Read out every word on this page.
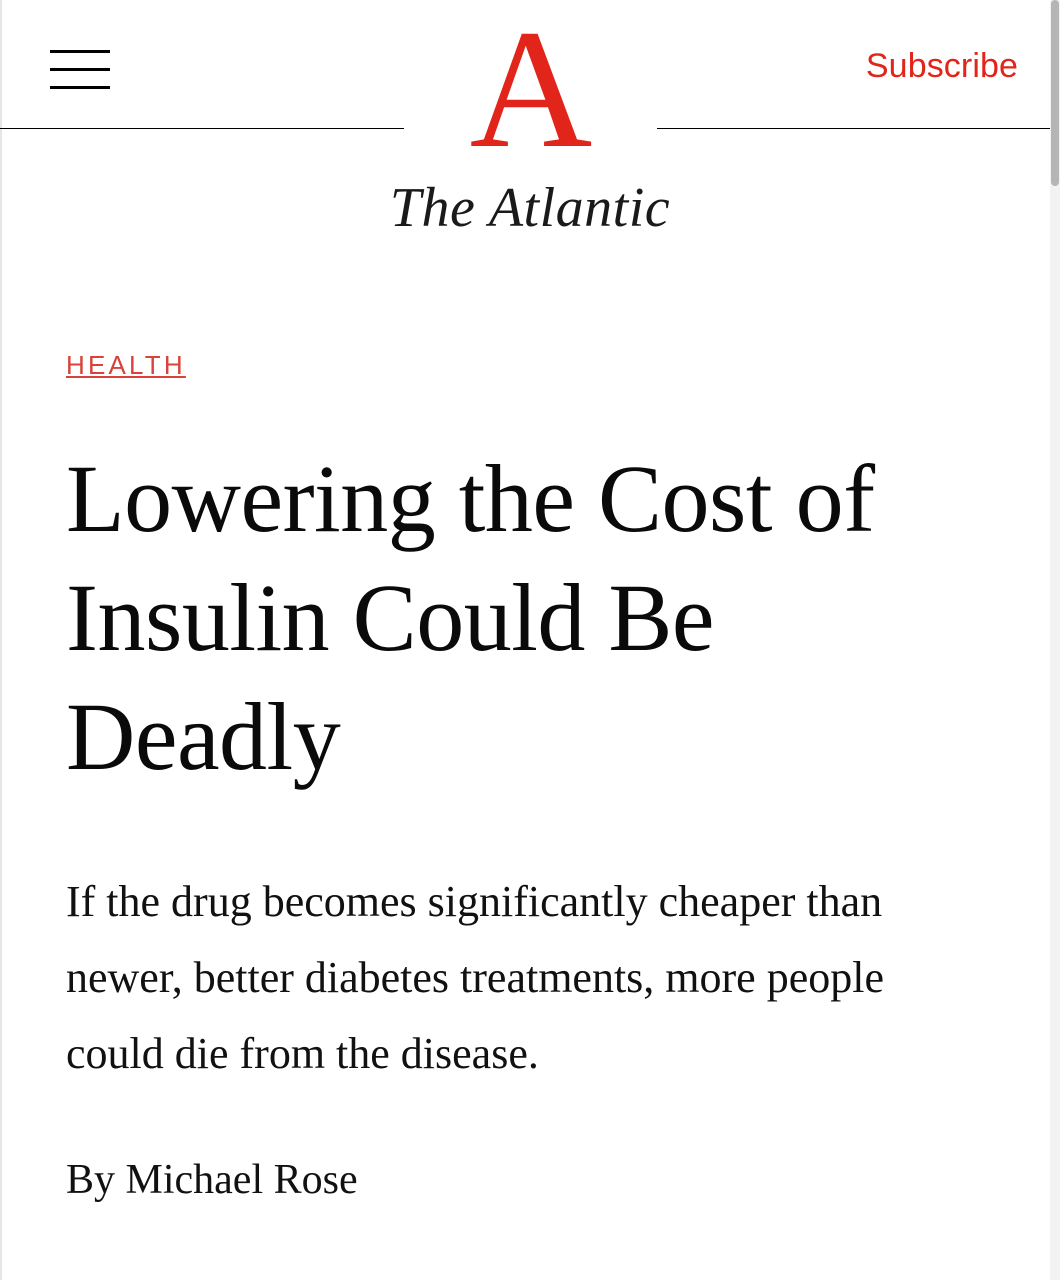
Subscribe
A
The Atlantic
HEALTH
Lowering the Cost of Insulin Could Be Deadly

If the drug becomes significantly cheaper than newer, better diabetes treatments, more people could die from the disease.

By Michael Rose
